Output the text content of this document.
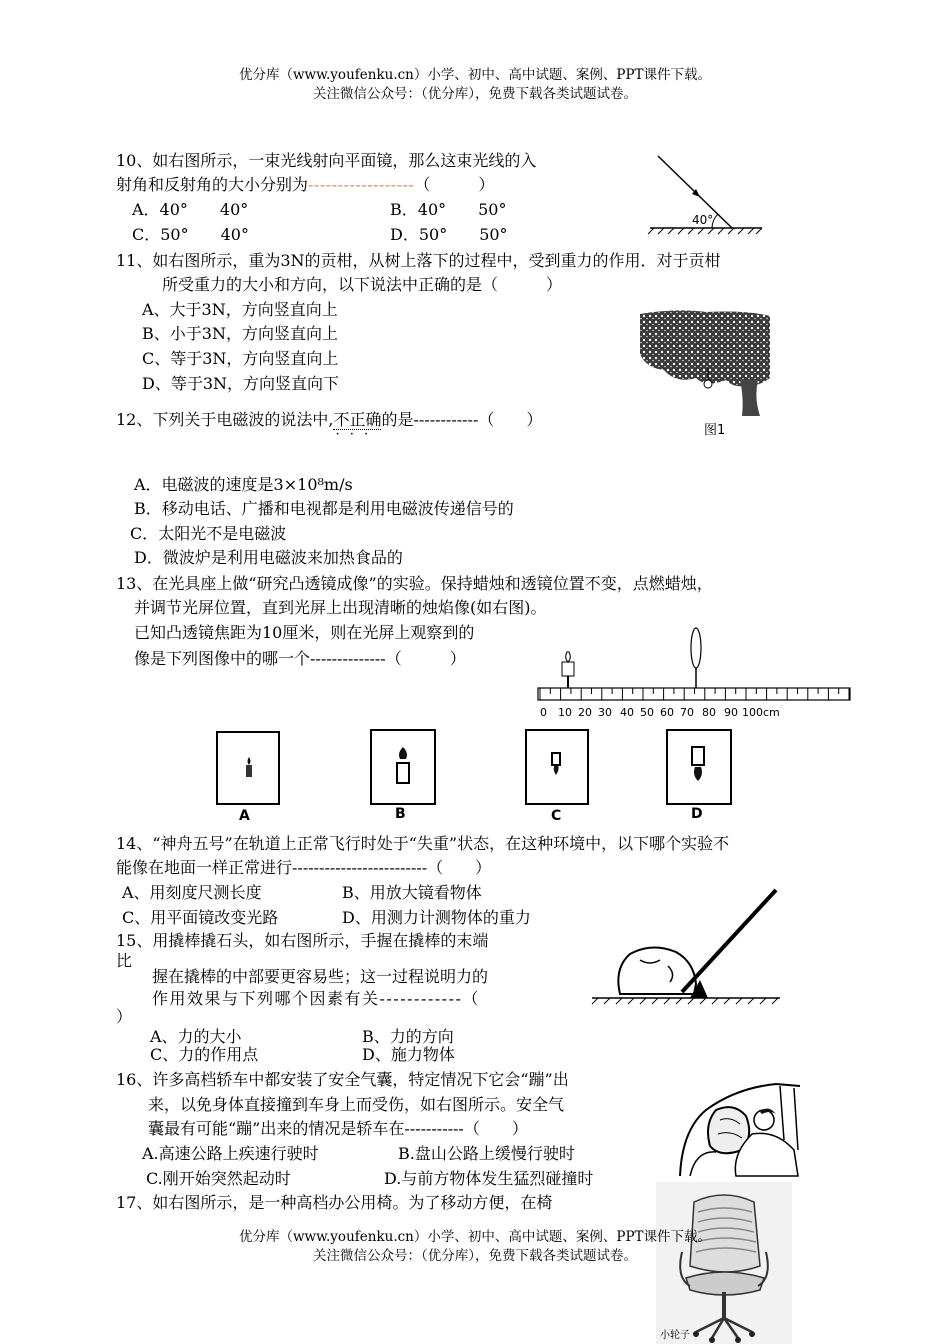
优分库（www.youfenku.cn）小学、初中、高中试题、案例、PPT课件下载。
关注微信公众号：（优分库），免费下载各类试题试卷。
10、如右图所示，一束光线射向平面镜，那么这束光线的入
射角和反射角的大小分别为------------------（　　　）
A．40°　　40°	B．40°　　50°
C．50°　　40°	D．50°　　50°
40°
11、如右图所示，重为3N的贡柑，从树上落下的过程中，受到重力的作用．对于贡柑
所受重力的大小和方向，以下说法中正确的是（　　　）
A、大于3N，方向竖直向上
B、小于3N，方向竖直向上
C、等于3N，方向竖直向上
D、等于3N，方向竖直向下
图1
12、下列关于电磁波的说法中,不正确 · · ·的是------------（　　）
A．电磁波的速度是3×10⁸m/s
B．移动电话、广播和电视都是利用电磁波传递信号的
C．太阳光不是电磁波
D．微波炉是利用电磁波来加热食品的
13、在光具座上做“研究凸透镜成像”的实验。保持蜡烛和透镜位置不变，点燃蜡烛，
并调节光屏位置，直到光屏上出现清晰的烛焰像(如右图)。
已知凸透镜焦距为10厘米，则在光屏上观察到的
像是下列图像中的哪一个--------------（　　　）
0 10 20 30 40 50 60 70 80 90 100cm
A	B	C	D
14、“神舟五号”在轨道上正常飞行时处于“失重”状态，在这种环境中，以下哪个实验不
能像在地面一样正常进行-------------------------（　　）
A、用刻度尺测长度	B、用放大镜看物体
C、用平面镜改变光路	D、用测力计测物体的重力
15、用撬棒撬石头，如右图所示，手握在撬棒的末端
比
握在撬棒的中部要更容易些；这一过程说明力的
作用效果与下列哪个因素有关------------（
）
A、力的大小	B、力的方向
C、力的作用点	D、施力物体
16、许多高档轿车中都安装了安全气囊，特定情况下它会“蹦”出
来，以免身体直接撞到车身上而受伤，如右图所示。安全气
囊最有可能“蹦”出来的情况是轿车在-----------（　　）
A.高速公路上疾速行驶时	B.盘山公路上缓慢行驶时
C.刚开始突然起动时	D.与前方物体发生猛烈碰撞时
17、如右图所示，是一种高档办公用椅。为了移动方便，在椅
小轮子
优分库（www.youfenku.cn）小学、初中、高中试题、案例、PPT课件下载。
关注微信公众号：（优分库），免费下载各类试题试卷。
